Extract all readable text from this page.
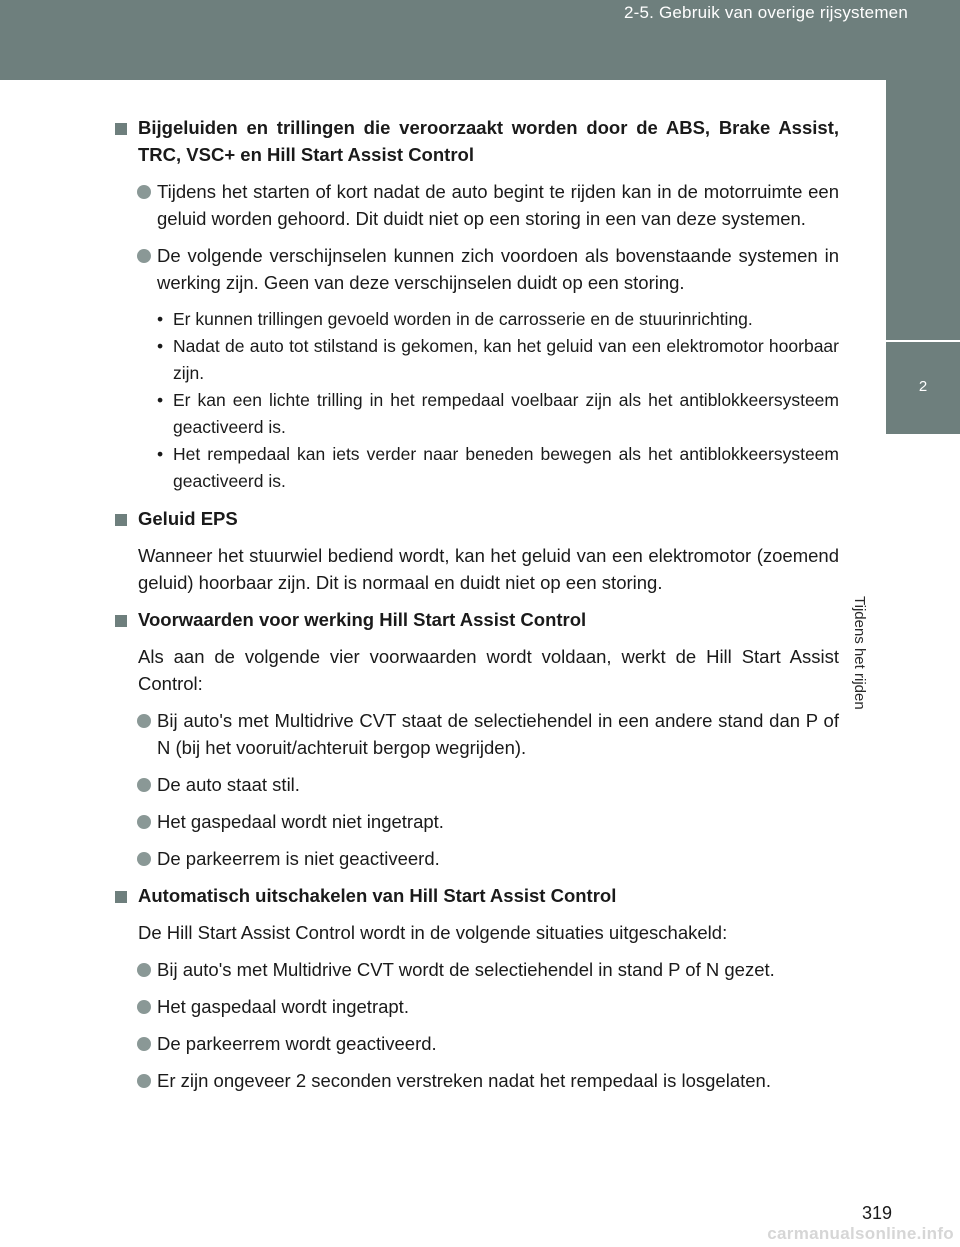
2-5. Gebruik van overige rijsystemen
2
Tijdens het rijden
Bijgeluiden en trillingen die veroorzaakt worden door de ABS, Brake Assist, TRC, VSC+ en Hill Start Assist Control
Tijdens het starten of kort nadat de auto begint te rijden kan in de motorruimte een geluid worden gehoord. Dit duidt niet op een storing in een van deze systemen.
De volgende verschijnselen kunnen zich voordoen als bovenstaande systemen in werking zijn. Geen van deze verschijnselen duidt op een storing.
• Er kunnen trillingen gevoeld worden in de carrosserie en de stuurinrichting.
• Nadat de auto tot stilstand is gekomen, kan het geluid van een elektromotor hoorbaar zijn.
• Er kan een lichte trilling in het rempedaal voelbaar zijn als het antiblokkeersysteem geactiveerd is.
• Het rempedaal kan iets verder naar beneden bewegen als het antiblokkeersysteem geactiveerd is.
Geluid EPS
Wanneer het stuurwiel bediend wordt, kan het geluid van een elektromotor (zoemend geluid) hoorbaar zijn. Dit is normaal en duidt niet op een storing.
Voorwaarden voor werking Hill Start Assist Control
Als aan de volgende vier voorwaarden wordt voldaan, werkt de Hill Start Assist Control:
Bij auto's met Multidrive CVT staat de selectiehendel in een andere stand dan P of N (bij het vooruit/achteruit bergop wegrijden).
De auto staat stil.
Het gaspedaal wordt niet ingetrapt.
De parkeerrem is niet geactiveerd.
Automatisch uitschakelen van Hill Start Assist Control
De Hill Start Assist Control wordt in de volgende situaties uitgeschakeld:
Bij auto's met Multidrive CVT wordt de selectiehendel in stand P of N gezet.
Het gaspedaal wordt ingetrapt.
De parkeerrem wordt geactiveerd.
Er zijn ongeveer 2 seconden verstreken nadat het rempedaal is losgelaten.
319
carmanualsonline.info
